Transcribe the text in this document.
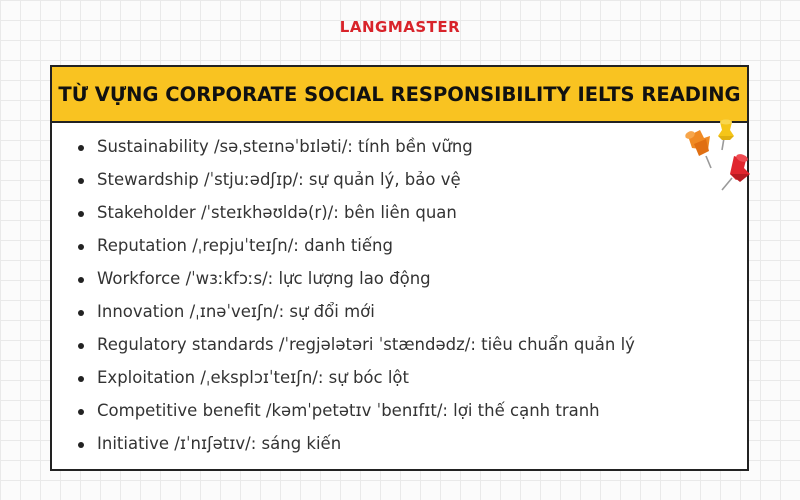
LANGMASTER
TỪ VỰNG CORPORATE SOCIAL RESPONSIBILITY IELTS READING
Sustainability /səˌsteɪnəˈbɪləti/: tính bền vững
Stewardship /ˈstjuːədʃɪp/: sự quản lý, bảo vệ
Stakeholder /ˈsteɪkhəʊldə(r)/: bên liên quan
Reputation /ˌrepjuˈteɪʃn/: danh tiếng
Workforce /ˈwɜːkfɔːs/: lực lượng lao động
Innovation /ˌɪnəˈveɪʃn/: sự đổi mới
Regulatory standards /ˈregjələtəri ˈstændədz/: tiêu chuẩn quản lý
Exploitation /ˌeksplɔɪˈteɪʃn/: sự bóc lột
Competitive benefit /kəmˈpetətɪv ˈbenɪfɪt/: lợi thế cạnh tranh
Initiative /ɪˈnɪʃətɪv/: sáng kiến
